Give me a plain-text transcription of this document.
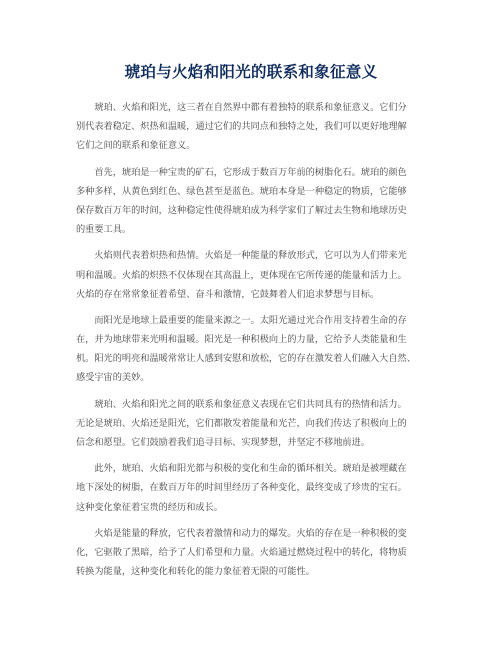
琥珀与火焰和阳光的联系和象征意义

　　琥珀、火焰和阳光，这三者在自然界中都有着独特的联系和象征意义。它们分
别代表着稳定、炽热和温暖，通过它们的共同点和独特之处，我们可以更好地理解
它们之间的联系和象征意义。

　　首先，琥珀是一种宝贵的矿石，它形成于数百万年前的树脂化石。琥珀的颜色
多种多样，从黄色到红色、绿色甚至是蓝色。琥珀本身是一种稳定的物质，它能够
保存数百万年的时间，这种稳定性使得琥珀成为科学家们了解过去生物和地球历史
的重要工具。

　　火焰则代表着炽热和热情。火焰是一种能量的释放形式，它可以为人们带来光
明和温暖。火焰的炽热不仅体现在其高温上，更体现在它所传递的能量和活力上。
火焰的存在常常象征着希望、奋斗和激情，它鼓舞着人们追求梦想与目标。

　　而阳光是地球上最重要的能量来源之一。太阳光通过光合作用支持着生命的存
在，并为地球带来光明和温暖。阳光是一种积极向上的力量，它给予人类能量和生
机。阳光的明亮和温暖常常让人感到安慰和放松，它的存在激发着人们融入大自然、
感受宇宙的美妙。

　　琥珀、火焰和阳光之间的联系和象征意义表现在它们共同具有的热情和活力。
无论是琥珀、火焰还是阳光，它们都散发着能量和光芒，向我们传达了积极向上的
信念和愿望。它们鼓励着我们追寻目标、实现梦想，并坚定不移地前进。

　　此外，琥珀、火焰和阳光都与积极的变化和生命的循环相关。琥珀是被埋藏在
地下深处的树脂，在数百万年的时间里经历了各种变化，最终变成了珍贵的宝石。
这种变化象征着宝贵的经历和成长。

　　火焰是能量的释放，它代表着激情和动力的爆发。火焰的存在是一种积极的变
化，它驱散了黑暗，给予了人们希望和力量。火焰通过燃烧过程中的转化，将物质
转换为能量，这种变化和转化的能力象征着无限的可能性。
